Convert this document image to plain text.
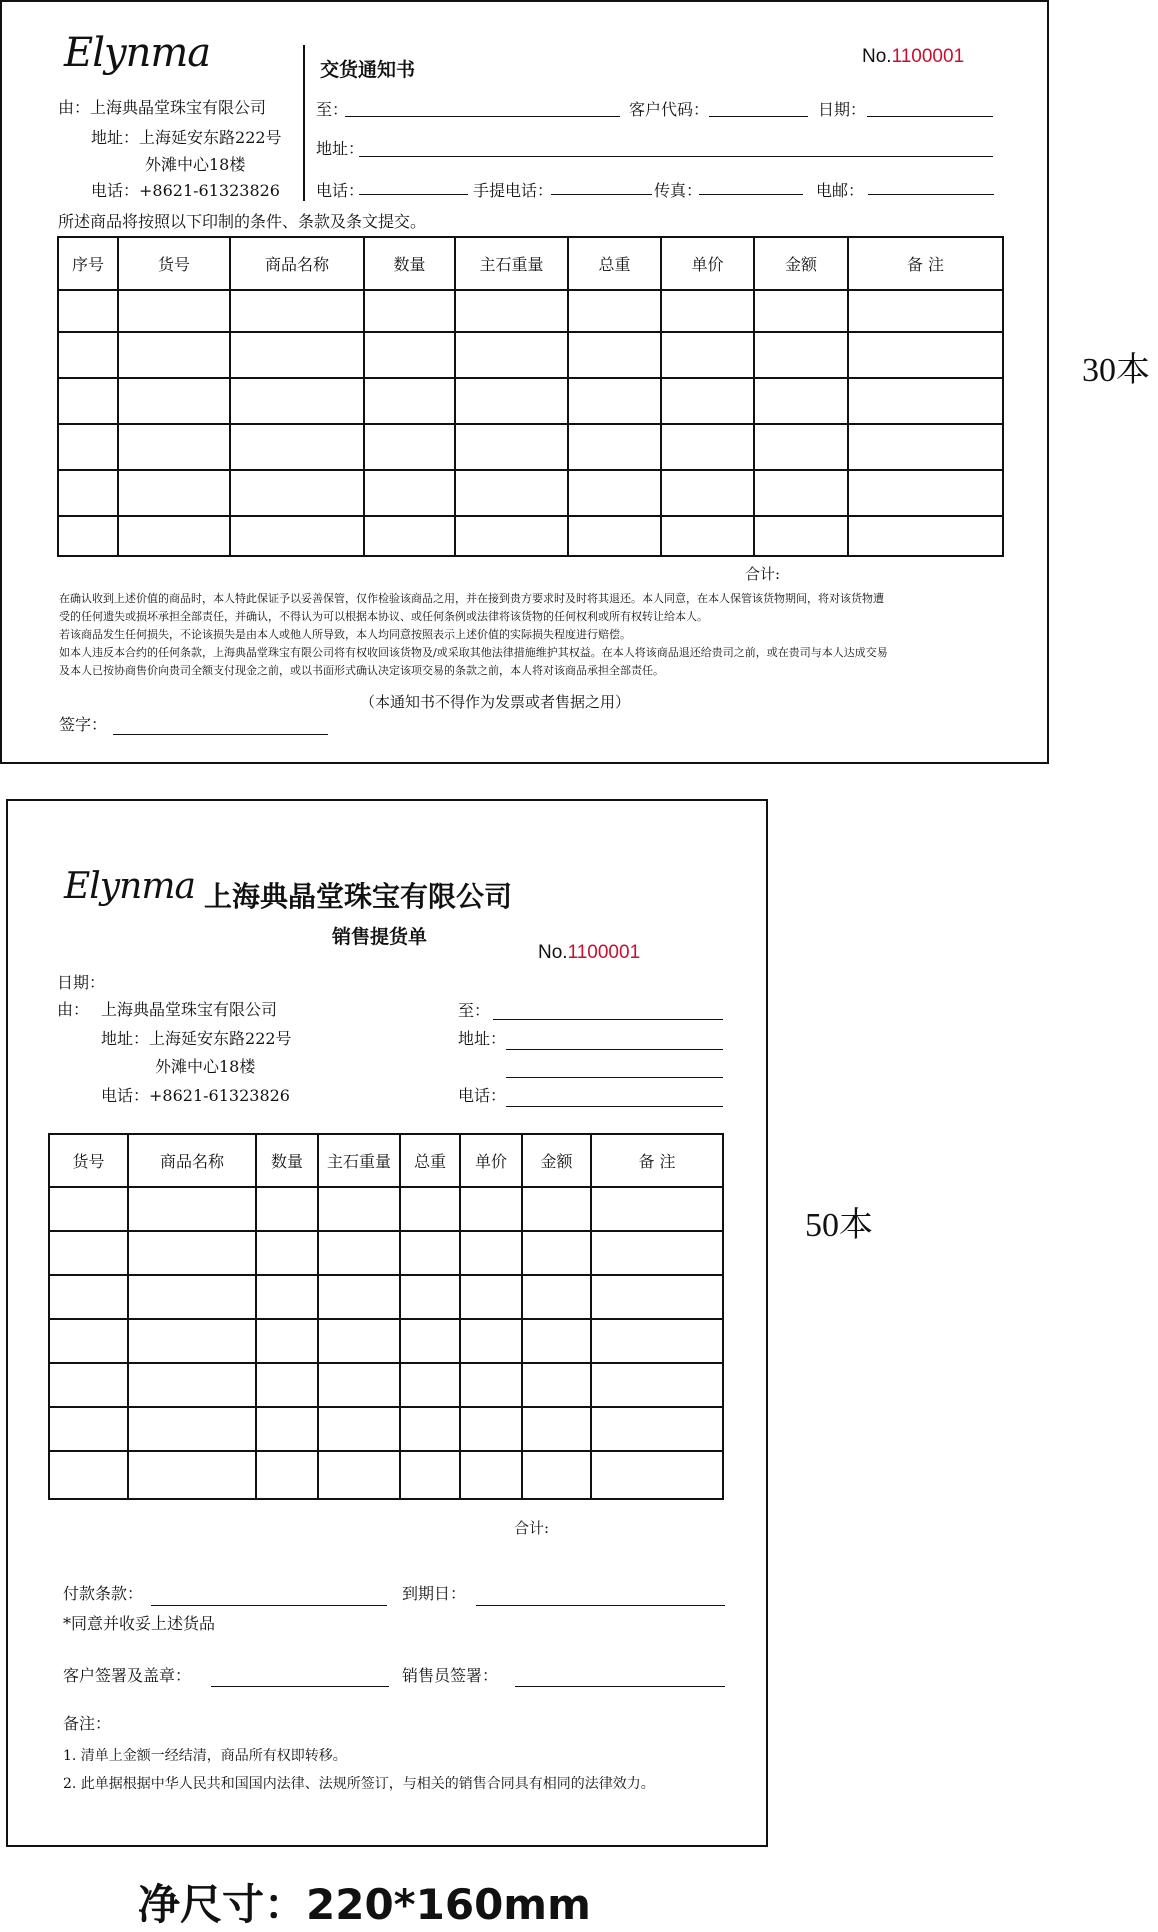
Elynma
由：上海典晶堂珠宝有限公司
地址：上海延安东路222号
外滩中心18楼
电话：+8621-61323826
交货通知书
No.1100001
至：	客户代码：	日期：
地址：
电话：	手提电话：	传真：	电邮：
所述商品将按照以下印制的条件、条款及条文提交。
序号	货号	商品名称	数量	主石重量	总重	单价	金额	备 注

合计:
在确认收到上述价值的商品时，本人特此保证予以妥善保管，仅作检验该商品之用，并在接到贵方要求时及时将其退还。本人同意，在本人保管该货物期间，将对该货物遭
受的任何遗失或损坏承担全部责任，并确认，不得认为可以根据本协议、或任何条例或法律将该货物的任何权利或所有权转让给本人。
若该商品发生任何损失，不论该损失是由本人或他人所导致，本人均同意按照表示上述价值的实际损失程度进行赔偿。
如本人违反本合约的任何条款，上海典晶堂珠宝有限公司将有权收回该货物及/或采取其他法律措施维护其权益。在本人将该商品退还给贵司之前，或在贵司与本人达成交易
及本人已按协商售价向贵司全额支付现金之前，或以书面形式确认决定该项交易的条款之前，本人将对该商品承担全部责任。
（本通知书不得作为发票或者售据之用）
签字：
30本
Elynma 上海典晶堂珠宝有限公司
销售提货单
No.1100001
日期：
由： 上海典晶堂珠宝有限公司
地址：上海延安东路222号
外滩中心18楼
电话：+8621-61323826
至：
地址：
电话：
货号	商品名称	数量	主石重量	总重	单价	金额	备 注

合计:
付款条款：	到期日：
*同意并收妥上述货品
客户签署及盖章：	销售员签署：
备注：
1. 清单上金额一经结清，商品所有权即转移。
2. 此单据根据中华人民共和国国内法律、法规所签订，与相关的销售合同具有相同的法律效力。
50本
净尺寸：220*160mm
